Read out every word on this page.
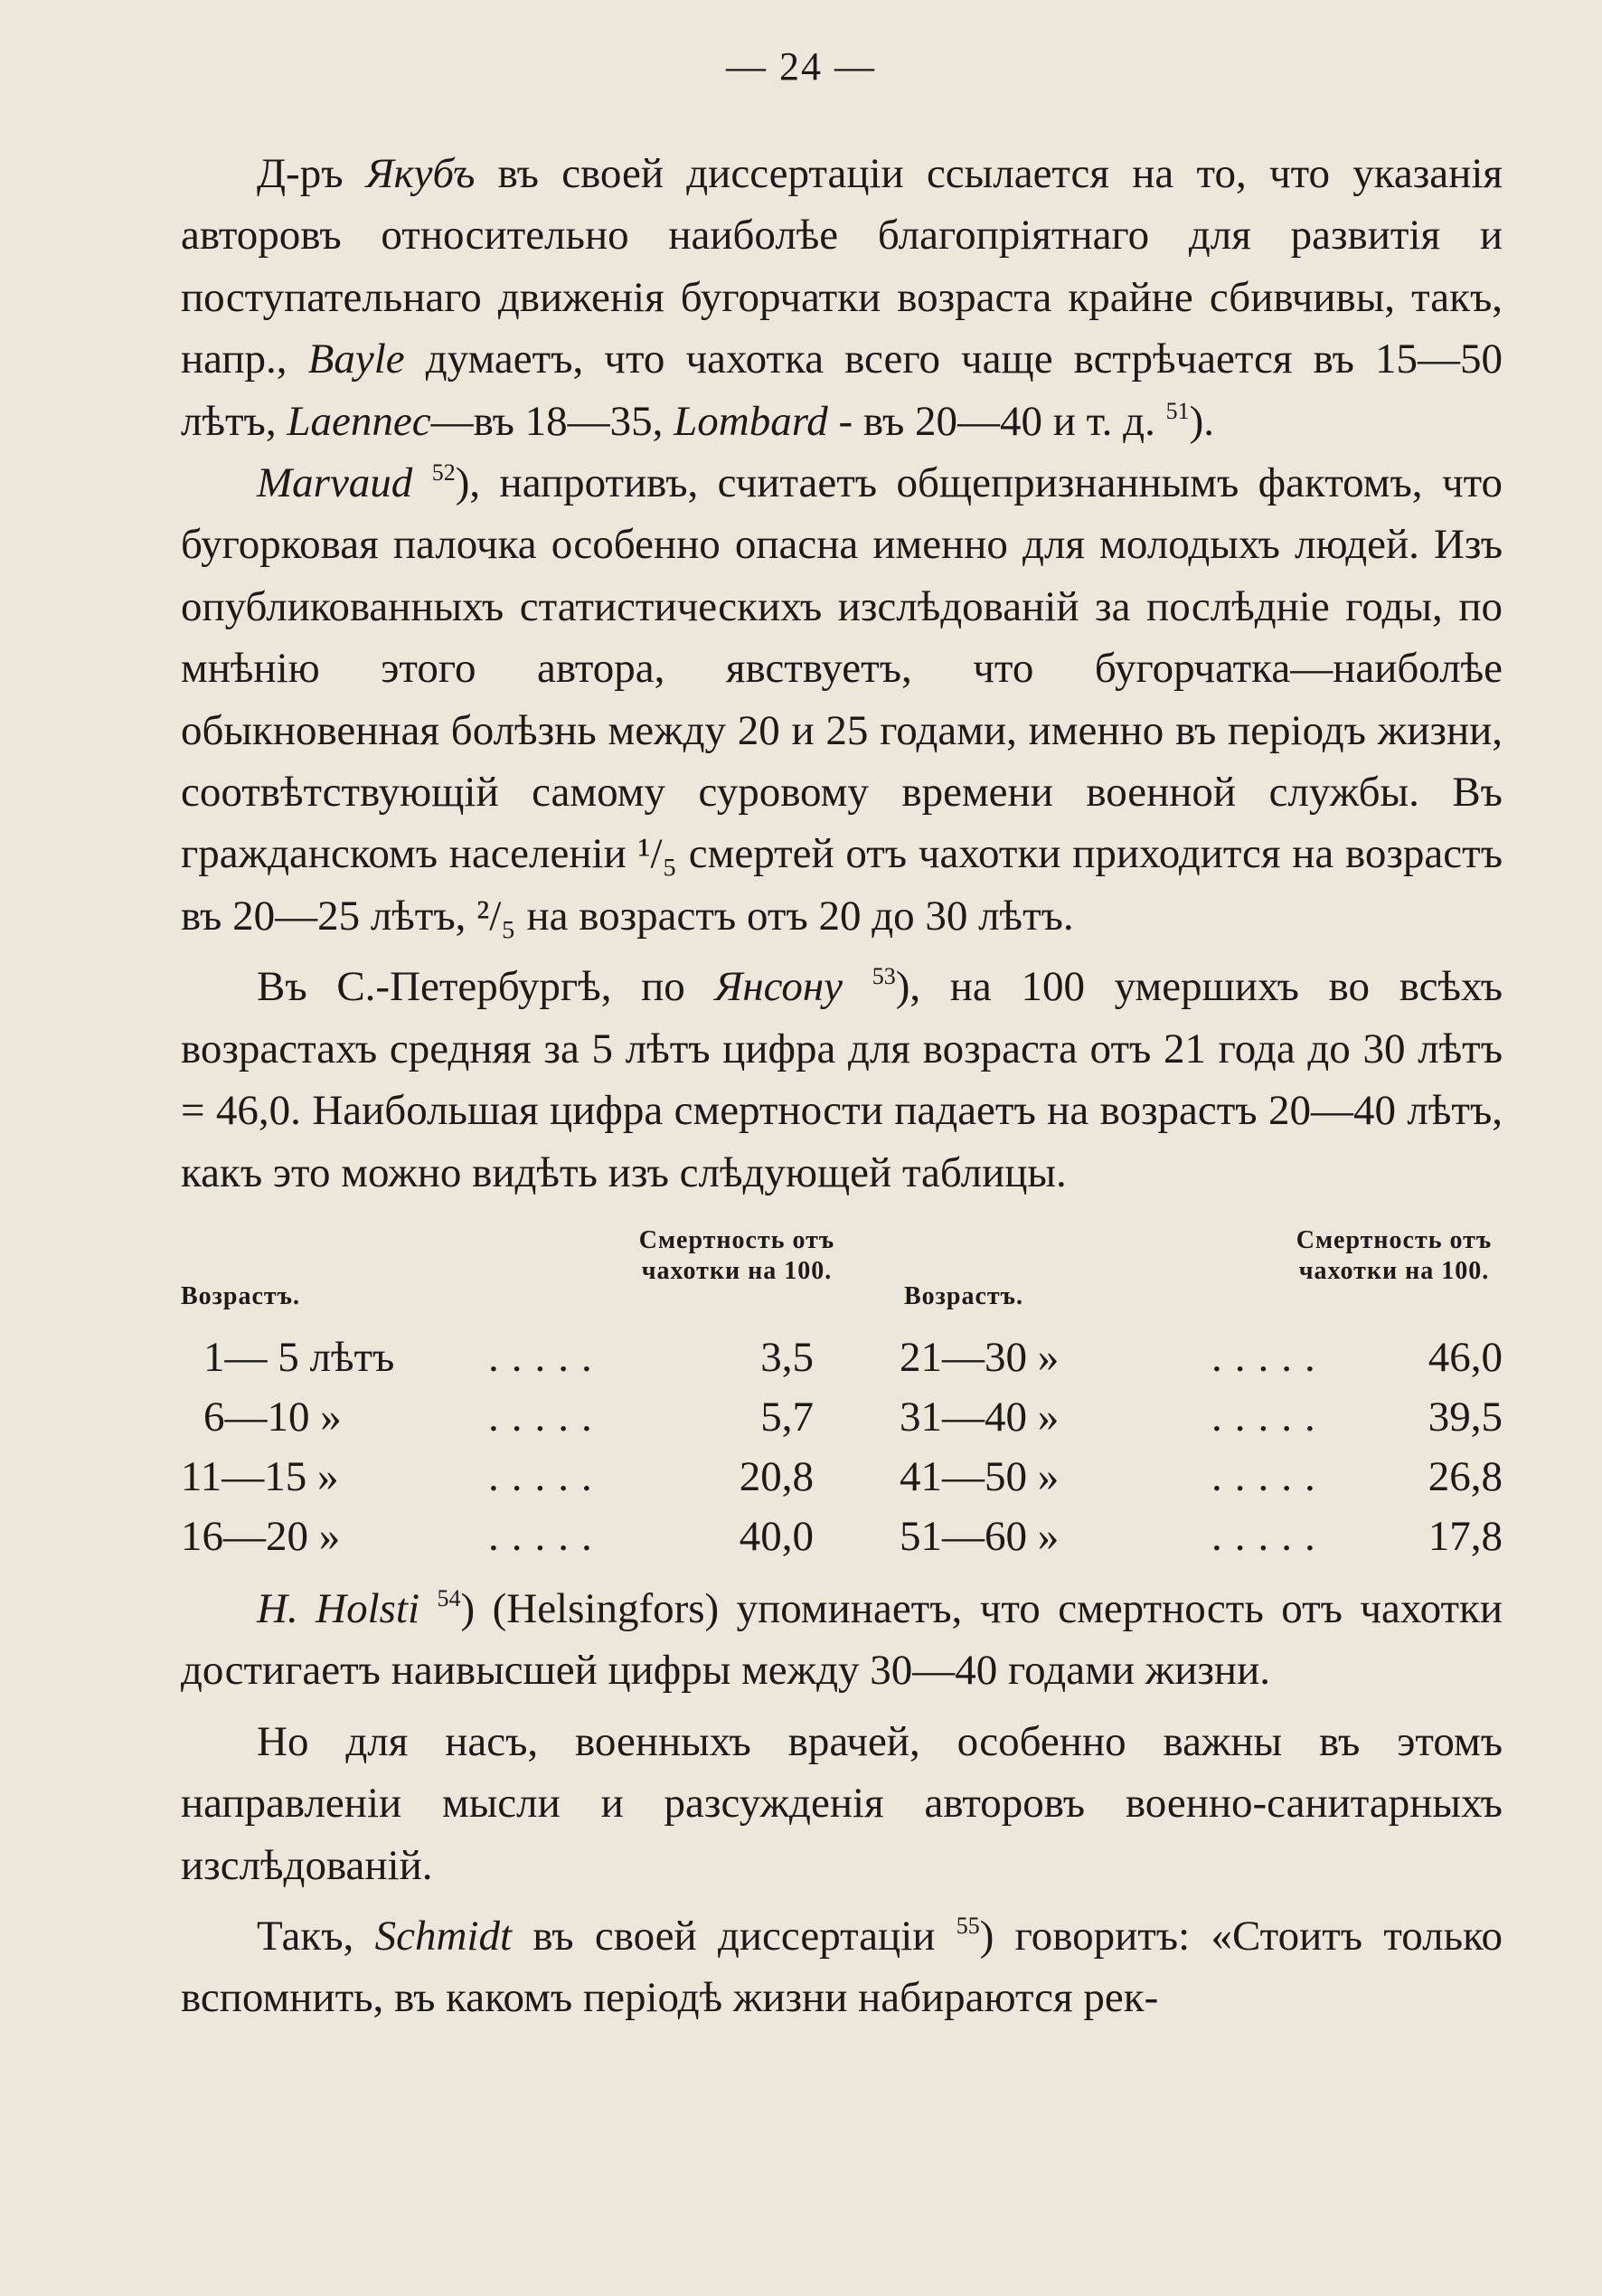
— 24 —

Д-ръ Якубъ въ своей диссертаціи ссылается на то, что указанія авторовъ относительно наиболѣе благопріятнаго для развитія и поступательнаго движенія бугорчатки возраста крайне сбивчивы, такъ, напр., Bayle думаетъ, что чахотка всего чаще встрѣчается въ 15—50 лѣтъ, Laennec—въ 18—35, Lombard - въ 20—40 и т. д. $^{51}$).

Marvaud $^{52}$), напротивъ, считаетъ общепризнаннымъ фактомъ, что бугорковая палочка особенно опасна именно для молодыхъ людей. Изъ опубликованныхъ статистическихъ изслѣдованій за послѣдніе годы, по мнѣнію этого автора, явствуетъ, что бугорчатка—наиболѣе обыкновенная болѣзнь между 20 и 25 годами, именно въ періодъ жизни, соотвѣтствующій самому суровому времени военной службы. Въ гражданскомъ населеніи ¹/₅ смертей отъ чахотки приходится на возрастъ въ 20—25 лѣтъ, ²/₅ на возрастъ отъ 20 до 30 лѣтъ.

Въ С.-Петербургѣ, по Янсону $^{53}$), на 100 умершихъ во всѣхъ возрастахъ средняя за 5 лѣтъ цифра для возраста отъ 21 года до 30 лѣтъ = 46,0. Наибольшая цифра смертности падаетъ на возрастъ 20—40 лѣтъ, какъ это можно видѣть изъ слѣдующей таблицы.

Возрастъ.
Смертность отъ чахотки на 100.
Возрастъ.
Смертность отъ чахотки на 100.
1— 5 лѣтъ .....	3,5
6—10 »	.....	5,7
11—15 »	.....	20,8
16—20 »	.....	40,0
21—30 »	.....	46,0
31—40 »	.....	39,5
41—50 »	.....	26,8
51—60 »	.....	17,8

H. Holsti $^{54}$) (Helsingfors) упоминаетъ, что смертность отъ чахотки достигаетъ наивысшей цифры между 30—40 годами жизни.

Но для насъ, военныхъ врачей, особенно важны въ этомъ направленіи мысли и разсужденія авторовъ военно-санитарныхъ изслѣдованій.

Такъ, Schmidt въ своей диссертаціи $^{55}$) говоритъ: «Стоитъ только вспомнить, въ какомъ періодѣ жизни набираются рек-
